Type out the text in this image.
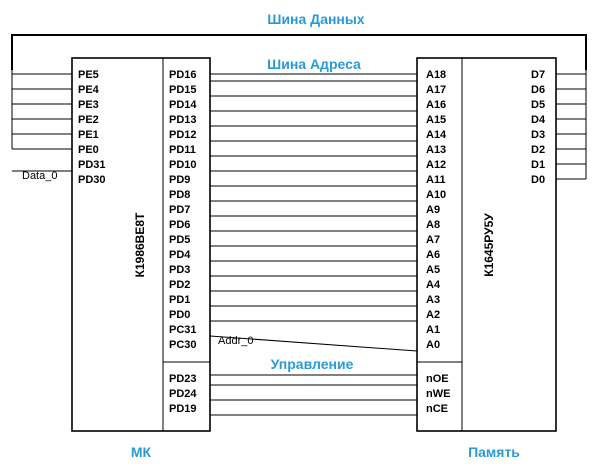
Шина Данных
Шина Адреса
Управление
К1986ВЕ8Т	К1645РУ5У
Data_0
Addr_0
МК	Память
PE5
PE4
PE3
PE2
PE1
PE0
PD31
PD30
PD16	A18
PD15	A17
PD14	A16
PD13	A15
PD12	A14
PD11	A13
PD10	A12
PD9	A11
PD8	A10
PD7	A9
PD6	A8
PD5	A7
PD4	A6
PD3	A5
PD2	A4
PD1	A3
PD0	A2
PC31	A1
PC30	A0
PD23	nOE
PD24	nWE
PD19	nCE
D7
D6
D5
D4
D3
D2
D1
D0
